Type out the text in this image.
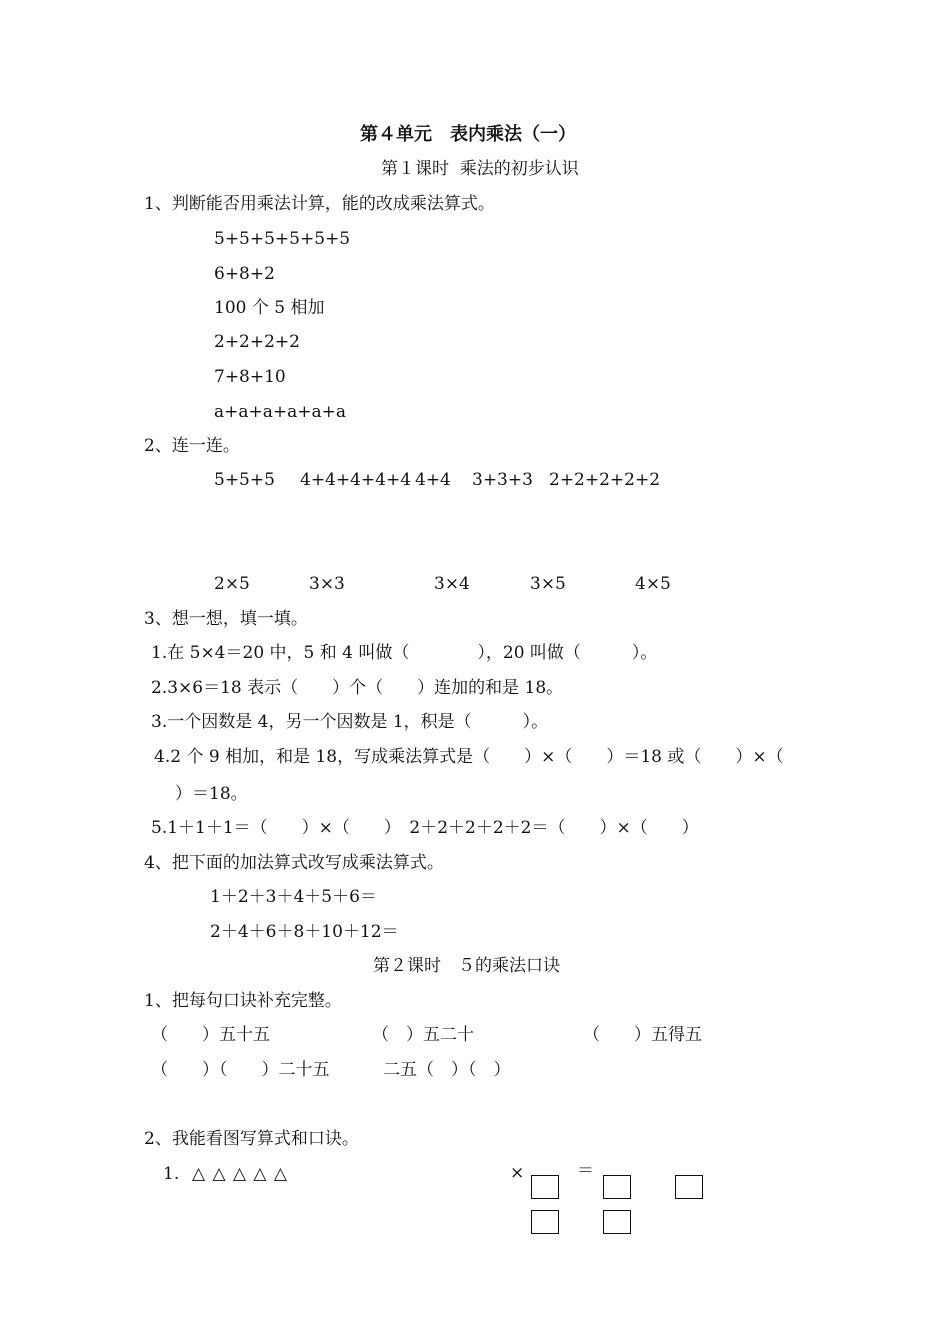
第４单元　表内乘法（一）
第１课时  乘法的初步认识
1、判断能否用乘法计算，能的改成乘法算式。
5+5+5+5+5+5
6+8+2
100 个 5 相加
2+2+2+2
7+8+10
a+a+a+a+a+a
2、连一连。
5+5+5 4+4+4+4+4 4+4 3+3+3 2+2+2+2+2
2×5	3×3	3×4	3×5	4×5
3、想一想，填一填。
1.在 5×4＝20 中，5 和 4 叫做（　　　　），20 叫做（　　　）。
2.3×6＝18 表示（　　）个（　　）连加的和是 18。
3.一个因数是 4，另一个因数是 1，积是（　　　）。
4.2 个 9 相加，和是 18，写成乘法算式是（　　）×（　　）＝18 或（　　）×（
）＝18。
5.1＋1＋1＝（　　）×（　　）　2＋2＋2＋2＋2＝（　　）×（　　）
4、把下面的加法算式改写成乘法算式。
1＋2＋3＋4＋5＋6＝
2＋4＋6＋8＋10＋12＝
第２课时　５的乘法口诀
1、把每句口诀补充完整。
（　　）五十五	（　）五二十	（　　）五得五
（　　）（　　）二十五	二五（　）（　）
2、我能看图写算式和口诀。
1. △ △ △ △ △	×	＝
